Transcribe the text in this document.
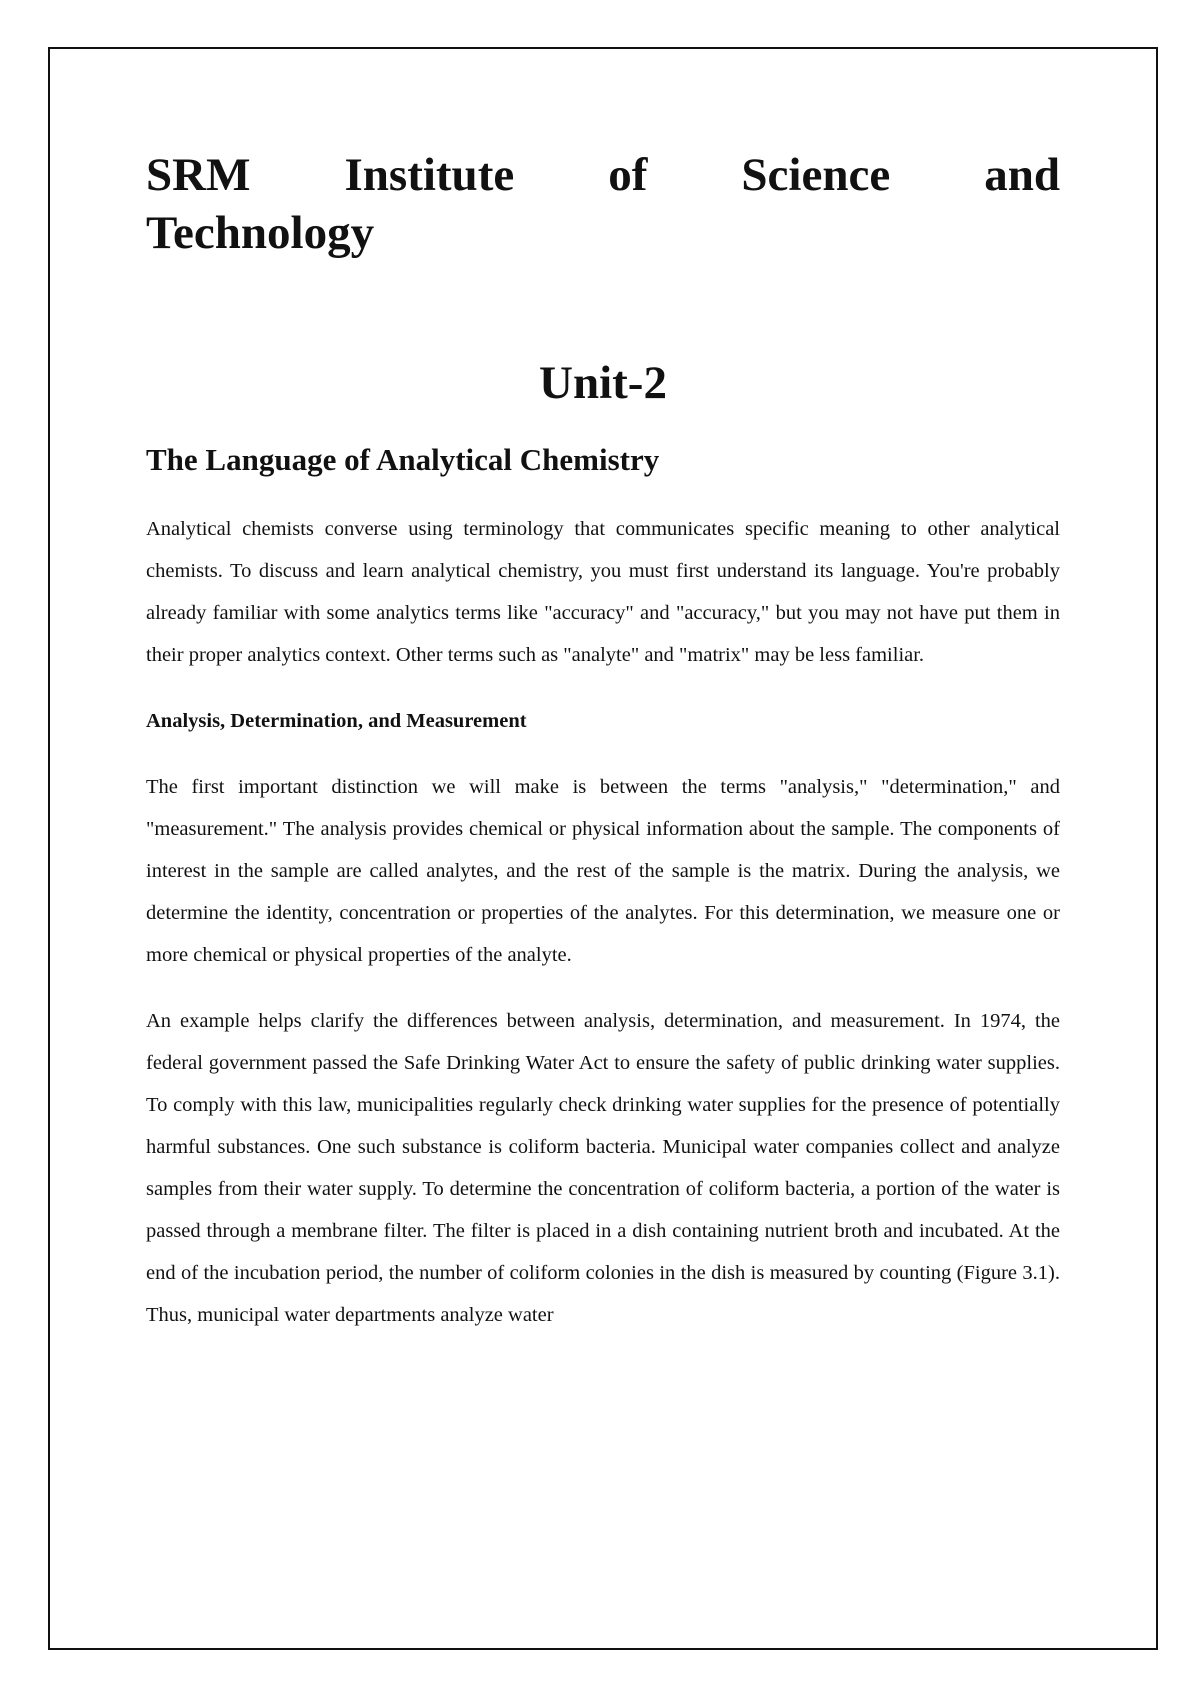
SRM Institute of Science and
Technology
Unit-2
The Language of Analytical Chemistry

Analytical chemists converse using terminology that communicates specific meaning to other analytical chemists. To discuss and learn analytical chemistry, you must first understand its language. You're probably already familiar with some analytics terms like "accuracy" and "accuracy," but you may not have put them in their proper analytics context. Other terms such as "analyte" and "matrix" may be less familiar.

Analysis, Determination, and Measurement

The first important distinction we will make is between the terms "analysis," "determination," and "measurement." The analysis provides chemical or physical information about the sample. The components of interest in the sample are called analytes, and the rest of the sample is the matrix. During the analysis, we determine the identity, concentration or properties of the analytes. For this determination, we measure one or more chemical or physical properties of the analyte.

An example helps clarify the differences between analysis, determination, and measurement. In 1974, the federal government passed the Safe Drinking Water Act to ensure the safety of public drinking water supplies. To comply with this law, municipalities regularly check drinking water supplies for the presence of potentially harmful substances. One such substance is coliform bacteria. Municipal water companies collect and analyze samples from their water supply. To determine the concentration of coliform bacteria, a portion of the water is passed through a membrane filter. The filter is placed in a dish containing nutrient broth and incubated. At the end of the incubation period, the number of coliform colonies in the dish is measured by counting (Figure 3.1). Thus, municipal water departments analyze water
